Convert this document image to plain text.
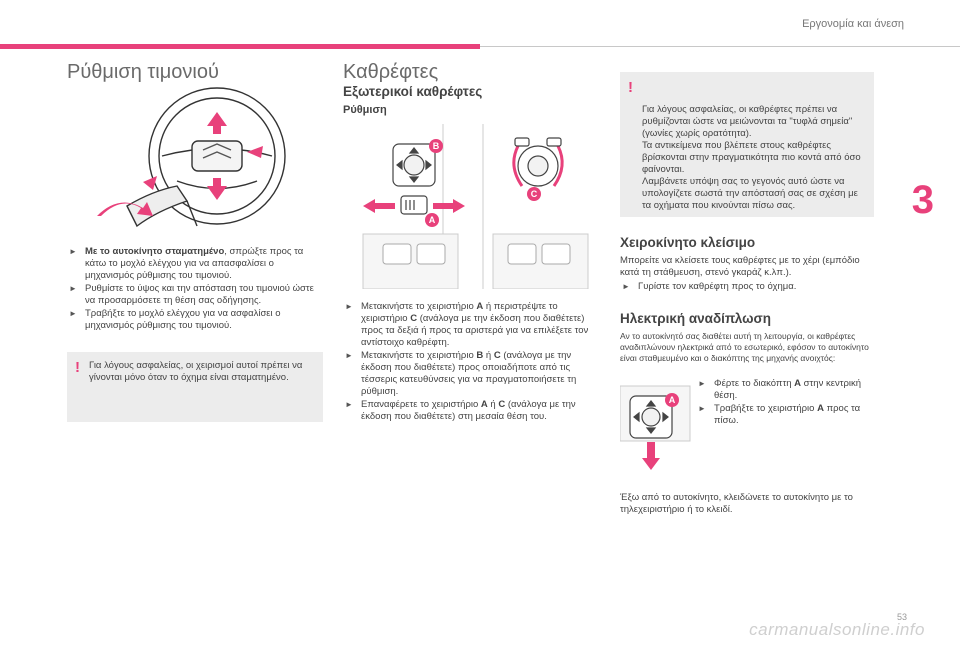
Εργονομία και άνεση
3
53
carmanualsonline.info
Ρύθμιση τιμονιού
► Με το αυτοκίνητο σταματημένο, σπρώξτε προς τα κάτω το μοχλό ελέγχου για να απασφαλίσει ο μηχανισμός ρύθμισης του τιμονιού.
► Ρυθμίστε το ύψος και την απόσταση του τιμονιού ώστε να προσαρμόσετε τη θέση σας οδήγησης.
► Τραβήξτε το μοχλό ελέγχου για να ασφαλίσει ο μηχανισμός ρύθμισης του τιμονιού.
! Για λόγους ασφαλείας, οι χειρισμοί αυτοί πρέπει να γίνονται μόνο όταν το όχημα είναι σταματημένο.
Καθρέφτες
Εξωτερικοί καθρέφτες
Ρύθμιση
B
A
C
► Μετακινήστε το χειριστήριο A ή περιστρέψτε το χειριστήριο C (ανάλογα με την έκδοση που διαθέτετε) προς τα δεξιά ή προς τα αριστερά για να επιλέξετε τον αντίστοιχο καθρέφτη.
► Μετακινήστε το χειριστήριο B ή C (ανάλογα με την έκδοση που διαθέτετε) προς οποιαδήποτε από τις τέσσερις κατευθύνσεις για να πραγματοποιήσετε τη ρύθμιση.
► Επαναφέρετε το χειριστήριο A ή C (ανάλογα με την έκδοση που διαθέτετε) στη μεσαία θέση του.

!

Για λόγους ασφαλείας, οι καθρέφτες πρέπει να ρυθμίζονται ώστε να μειώνονται τα "τυφλά σημεία" (γωνίες χωρίς ορατότητα).
Τα αντικείμενα που βλέπετε στους καθρέφτες βρίσκονται στην πραγματικότητα πιο κοντά από όσο φαίνονται.
Λαμβάνετε υπόψη σας το γεγονός αυτό ώστε να υπολογίζετε σωστά την απόστασή σας σε σχέση με τα οχήματα που κινούνται πίσω σας.

Χειροκίνητο κλείσιμο

Μπορείτε να κλείσετε τους καθρέφτες με το χέρι (εμπόδιο κατά τη στάθμευση, στενό γκαράζ κ.λπ.).

► Γυρίστε τον καθρέφτη προς το όχημα.
Ηλεκτρική αναδίπλωση

Αν το αυτοκίνητό σας διαθέτει αυτή τη λειτουργία, οι καθρέφτες αναδιπλώνουν ηλεκτρικά από το εσωτερικό, εφόσον το αυτοκίνητο είναι σταθμευμένο και ο διακόπτης της μηχανής ανοιχτός:

A
► Φέρτε το διακόπτη A στην κεντρική θέση.
► Τραβήξτε το χειριστήριο A προς τα πίσω.

Έξω από το αυτοκίνητο, κλειδώνετε το αυτοκίνητο με το τηλεχειριστήριο ή το κλειδί.
